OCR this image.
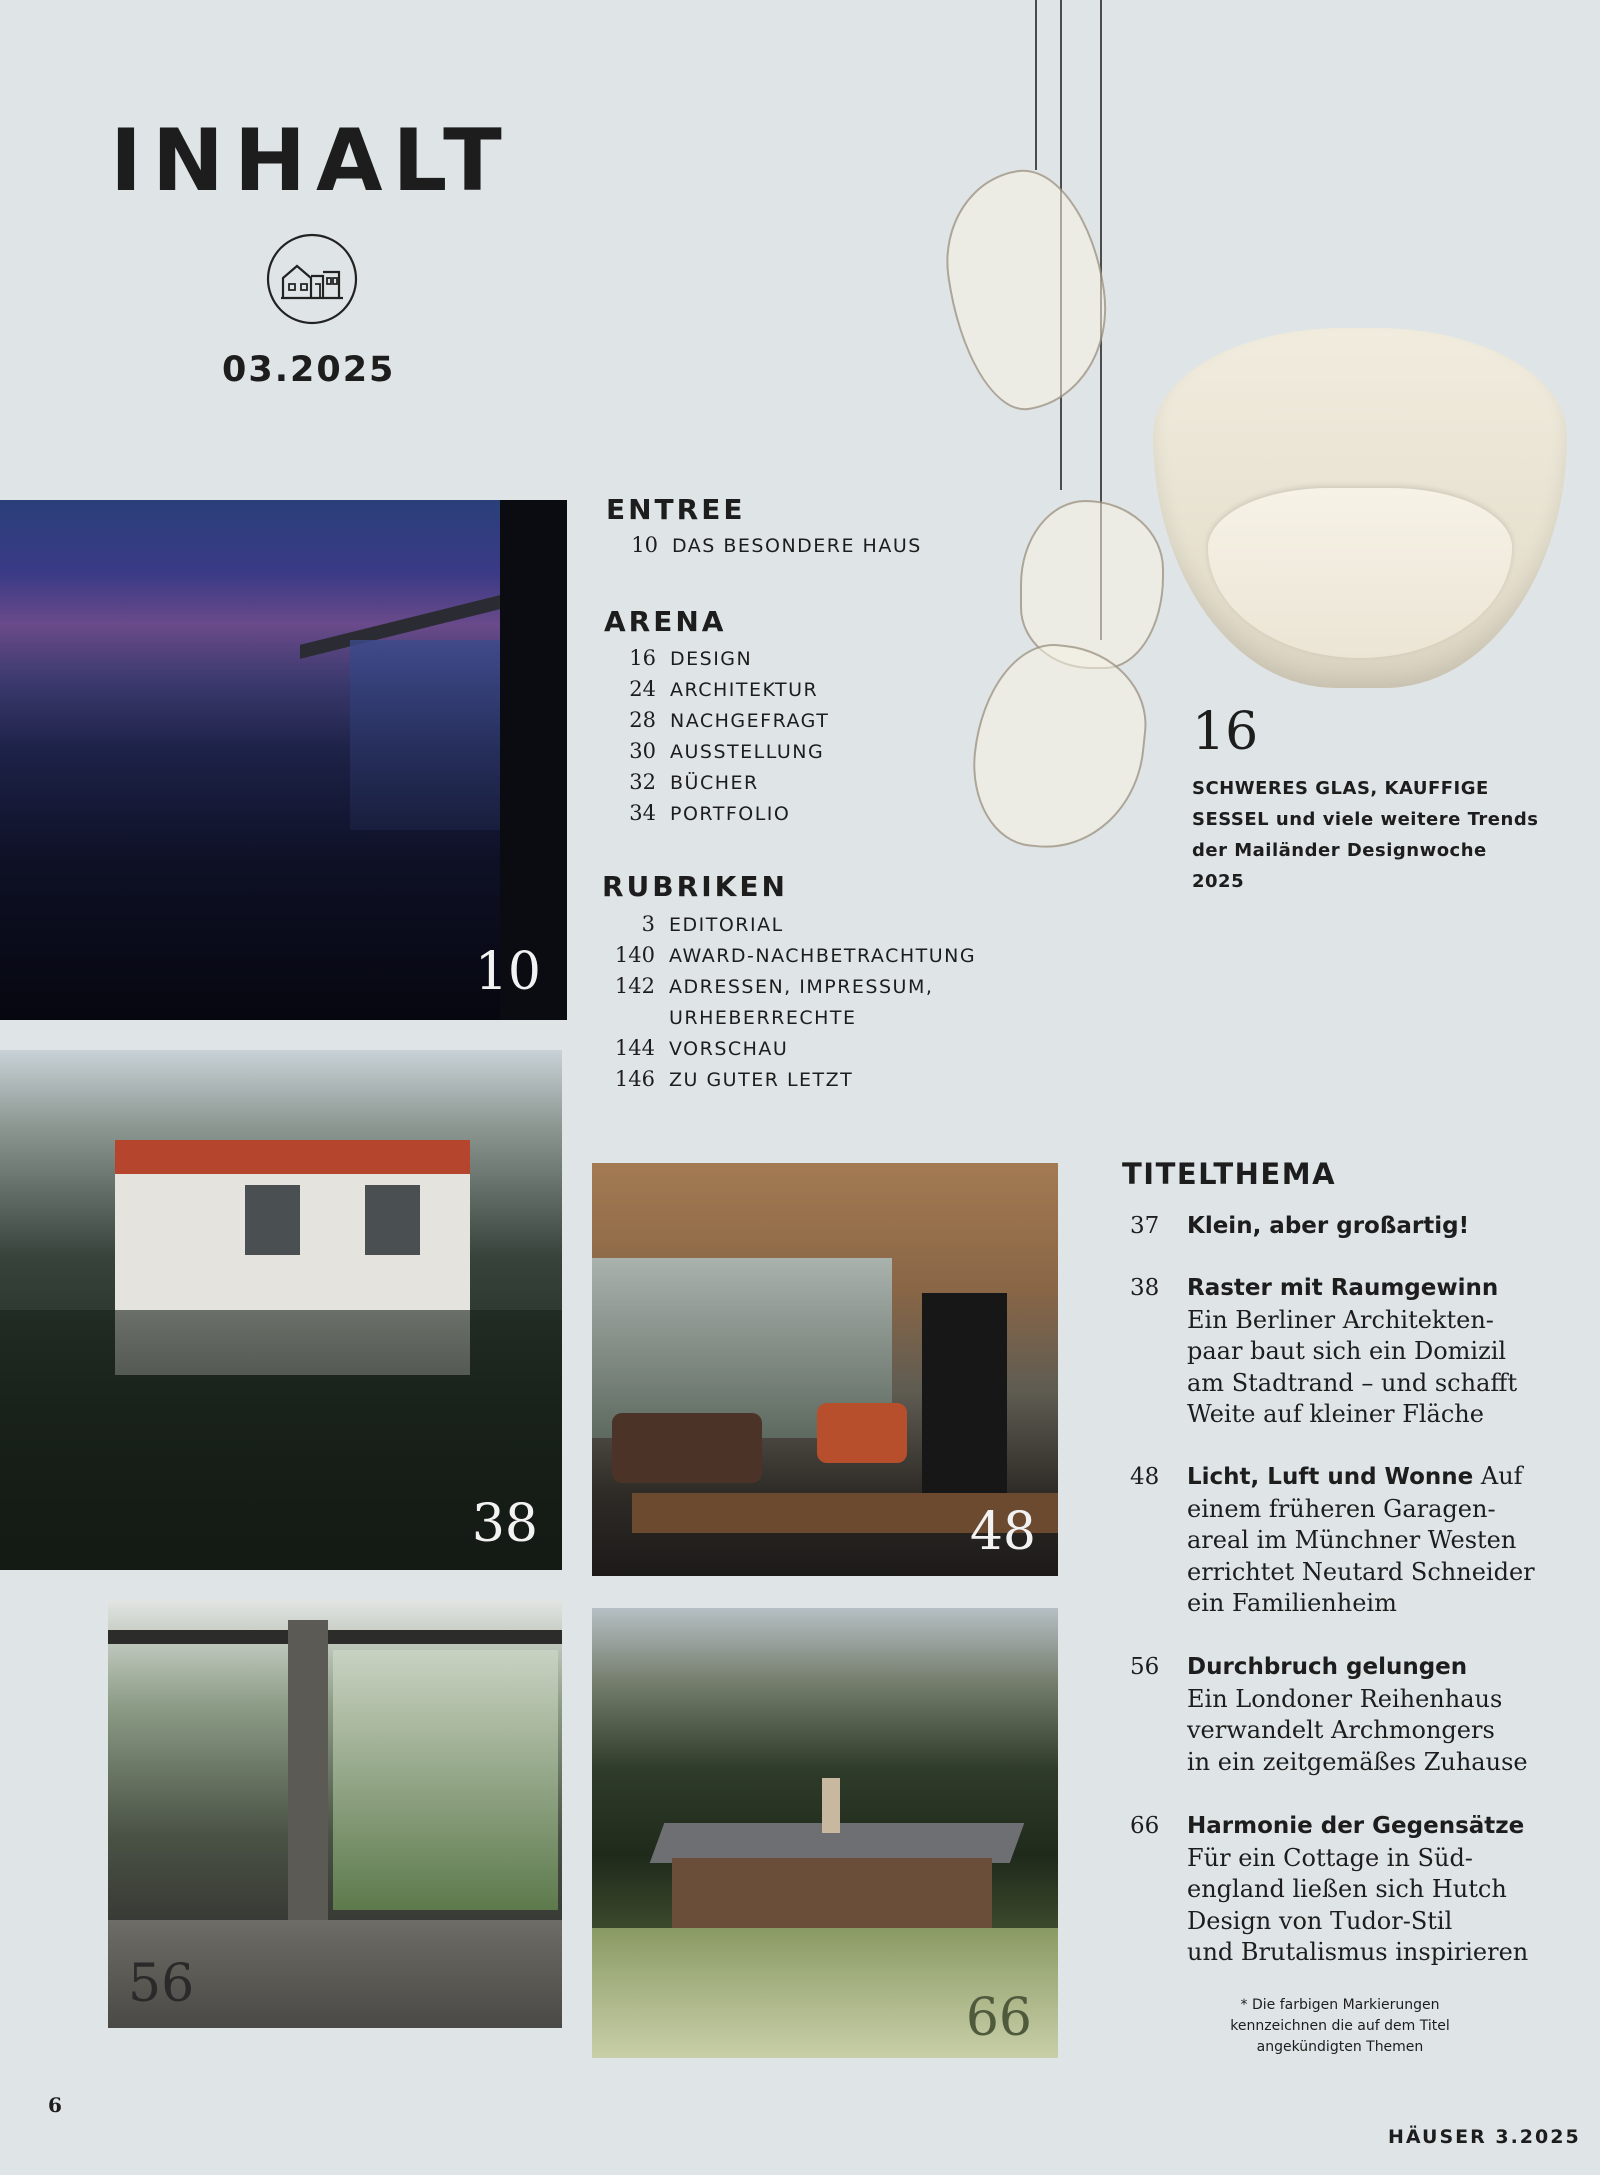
INHALT
03.2025
10
38	48
56
66
ENTREE
10 DAS BESONDERE HAUS
ARENA
16 DESIGN
24 ARCHITEKTUR
28 NACHGEFRAGT
30 AUSSTELLUNG
32 BÜCHER
34 PORTFOLIO
RUBRIKEN
3 EDITORIAL
140 AWARD-NACHBETRACHTUNG
142 ADRESSEN, IMPRESSUM,
URHEBERRECHTE
144 VORSCHAU
146 ZU GUTER LETZT
16
SCHWERES GLAS, KAUFFIGE SESSEL und viele weitere Trends der Mailänder Designwoche 2025
TITELTHEMA
37 Klein, aber großartig!
38 Raster mit Raumgewinn
Ein Berliner Architekten-
paar baut sich ein Domizil
am Stadtrand – und schafft
Weite auf kleiner Fläche
48 Licht, Luft und Wonne Auf
einem früheren Garagen-
areal im Münchner Westen
errichtet Neutard Schneider
ein Familienheim
56 Durchbruch gelungen
Ein Londoner Reihenhaus
verwandelt Archmongers
in ein zeitgemäßes Zuhause
66 Harmonie der Gegensätze
Für ein Cottage in Süd-
england ließen sich Hutch
Design von Tudor-Stil
und Brutalismus inspirieren
* Die farbigen Markierungen
kennzeichnen die auf dem Titel
angekündigten Themen
6
HÄUSER 3.2025
